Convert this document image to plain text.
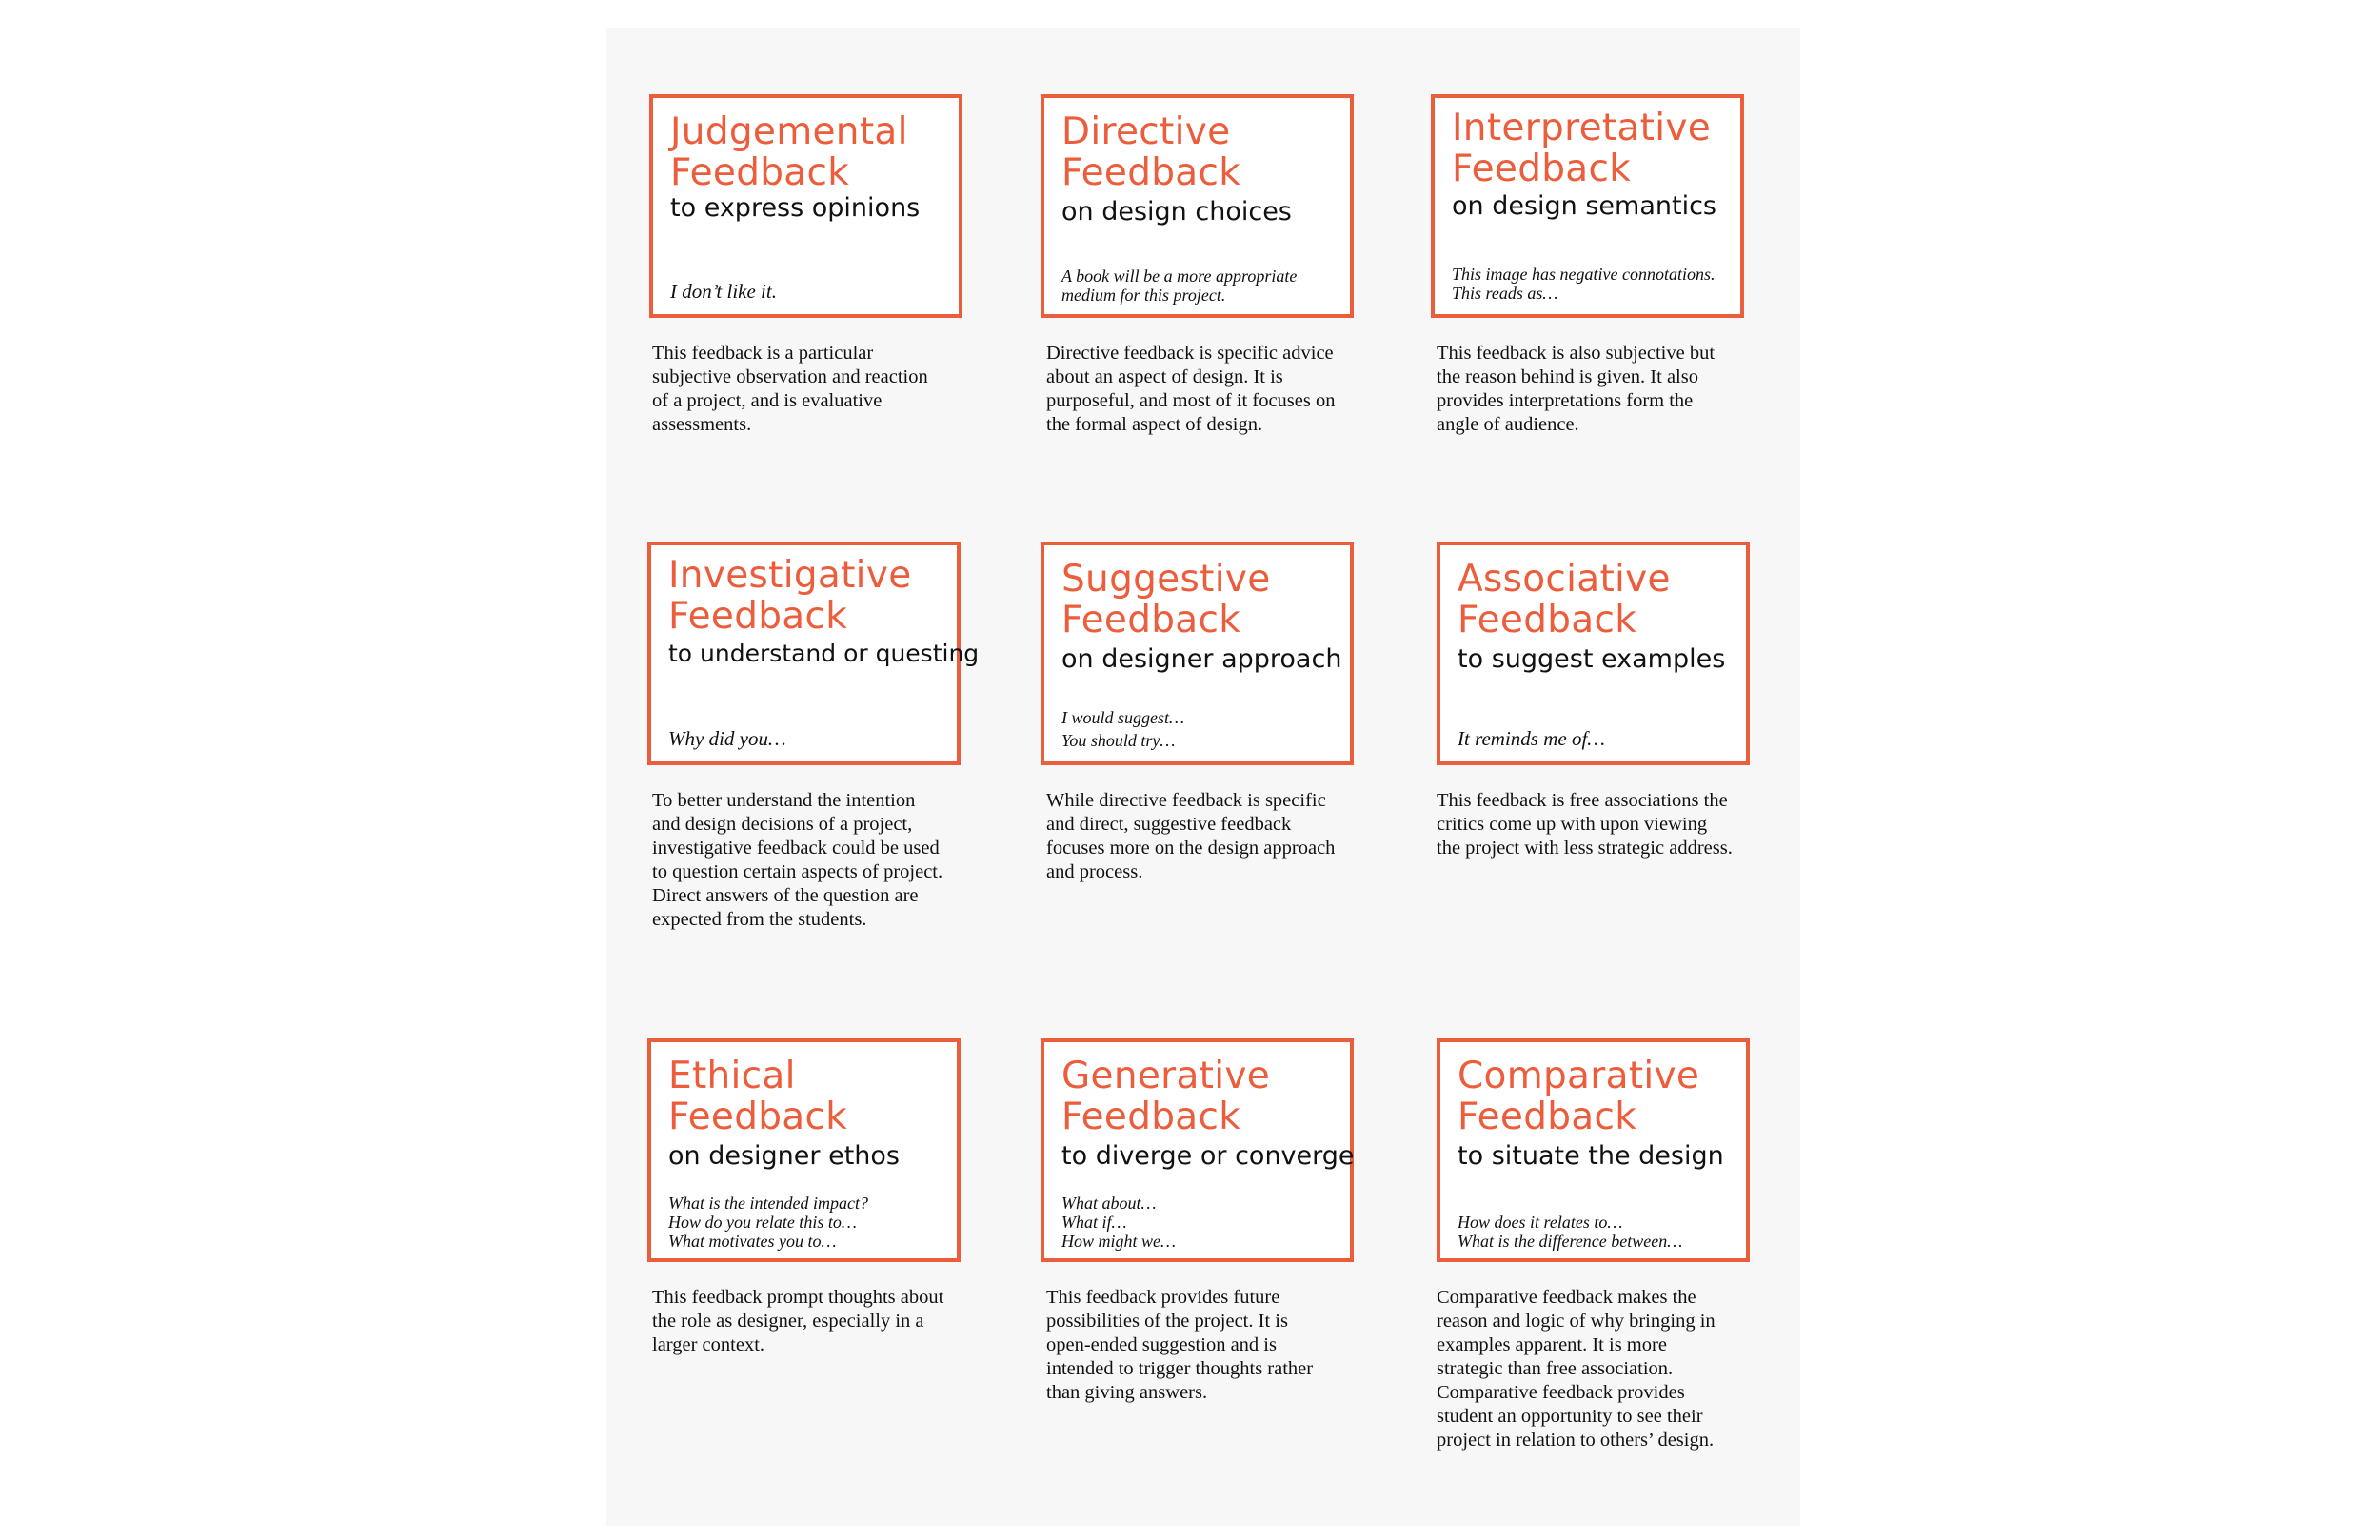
Judgemental
Feedback
to express opinions
I don’t like it.
This feedback is a particular
subjective observation and reaction
of a project, and is evaluative
assessments.
Directive
Feedback
on design choices
A book will be a more appropriate
medium for this project.
Directive feedback is specific advice
about an aspect of design. It is
purposeful, and most of it focuses on
the formal aspect of design.
Interpretative
Feedback
on design semantics
This image has negative connotations.
This reads as…
This feedback is also subjective but
the reason behind is given. It also
provides interpretations form the
angle of audience.
Investigative
Feedback
to understand or questing
Why did you…
To better understand the intention
and design decisions of a project,
investigative feedback could be used
to question certain aspects of project.
Direct answers of the question are
expected from the students.
Suggestive
Feedback
on designer approach
I would suggest…
You should try…
While directive feedback is specific
and direct, suggestive feedback
focuses more on the design approach
and process.
Associative
Feedback
to suggest examples
It reminds me of…
This feedback is free associations the
critics come up with upon viewing
the project with less strategic address.
Ethical
Feedback
on designer ethos
What is the intended impact?
How do you relate this to…
What motivates you to…
This feedback prompt thoughts about
the role as designer, especially in a
larger context.
Generative
Feedback
to diverge or converge
What about…
What if…
How might we…
This feedback provides future
possibilities of the project. It is
open-ended suggestion and is
intended to trigger thoughts rather
than giving answers.
Comparative
Feedback
to situate the design
How does it relates to…
What is the difference between…
Comparative feedback makes the
reason and logic of why bringing in
examples apparent. It is more
strategic than free association.
Comparative feedback provides
student an opportunity to see their
project in relation to others’ design.
